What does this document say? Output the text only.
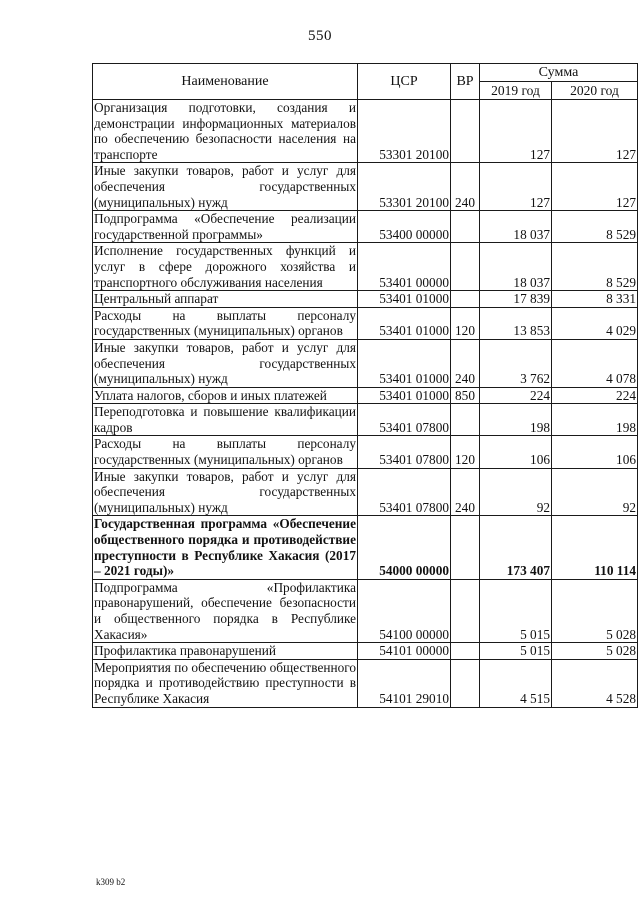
550
Наименование	ЦСР	ВР	Сумма	
			2019 год	2020 год
Организация подготовки, создания и демонстрации информационных материалов по обеспечению безопасности населения на транспорте	53301 20100		127	127
Иные закупки товаров, работ и услуг для обеспечения государственных (муниципальных) нужд	53301 20100	240	127	127
Подпрограмма «Обеспечение реализации государственной программы»	53400 00000		18 037	8 529
Исполнение государственных функций и услуг в сфере дорожного хозяйства и транспортного обслуживания населения	53401 00000		18 037	8 529
Центральный аппарат	53401 01000		17 839	8 331
Расходы на выплаты персоналу государственных (муниципальных) органов	53401 01000	120	13 853	4 029
Иные закупки товаров, работ и услуг для обеспечения государственных (муниципальных) нужд	53401 01000	240	3 762	4 078
Уплата налогов, сборов и иных платежей	53401 01000	850	224	224
Переподготовка и повышение квалификации кадров	53401 07800		198	198
Расходы на выплаты персоналу государственных (муниципальных) органов	53401 07800	120	106	106
Иные закупки товаров, работ и услуг для обеспечения государственных (муниципальных) нужд	53401 07800	240	92	92
Государственная программа «Обеспечение общественного порядка и противодействие преступности в Республике Хакасия (2017 – 2021 годы)»	54000 00000		173 407	110 114
Подпрограмма «Профилактика правонарушений, обеспечение безопасности и общественного порядка в Республике Хакасия»	54100 00000		5 015	5 028
Профилактика правонарушений	54101 00000		5 015	5 028
Мероприятия по обеспечению общественного порядка и противодействию преступности в Республике Хакасия	54101 29010		4 515	4 528
k309 b2
